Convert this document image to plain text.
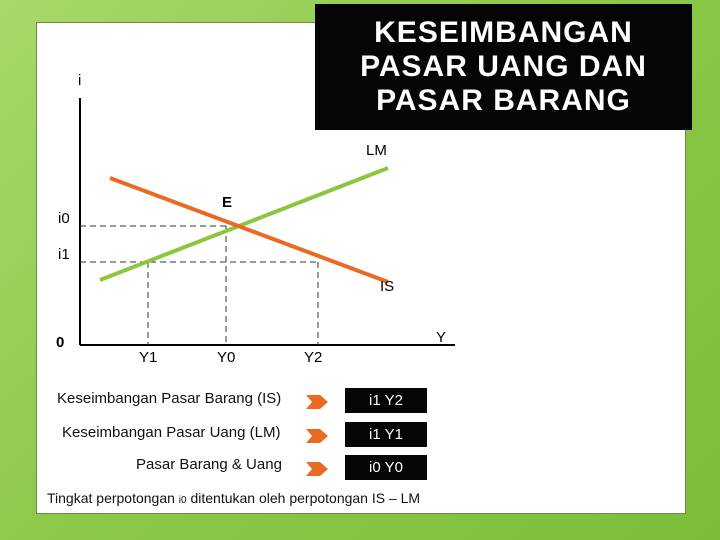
KESEIMBANGAN
PASAR UANG DAN
PASAR BARANG
i
LM
E
i0
i1
IS
0	Y
Y1	Y0	Y2
Keseimbangan Pasar Barang (IS)	i1 Y2
Keseimbangan Pasar Uang (LM)	i1 Y1
Pasar Barang & Uang	i0 Y0
Tingkat perpotongan i0 ditentukan oleh perpotongan IS – LM
